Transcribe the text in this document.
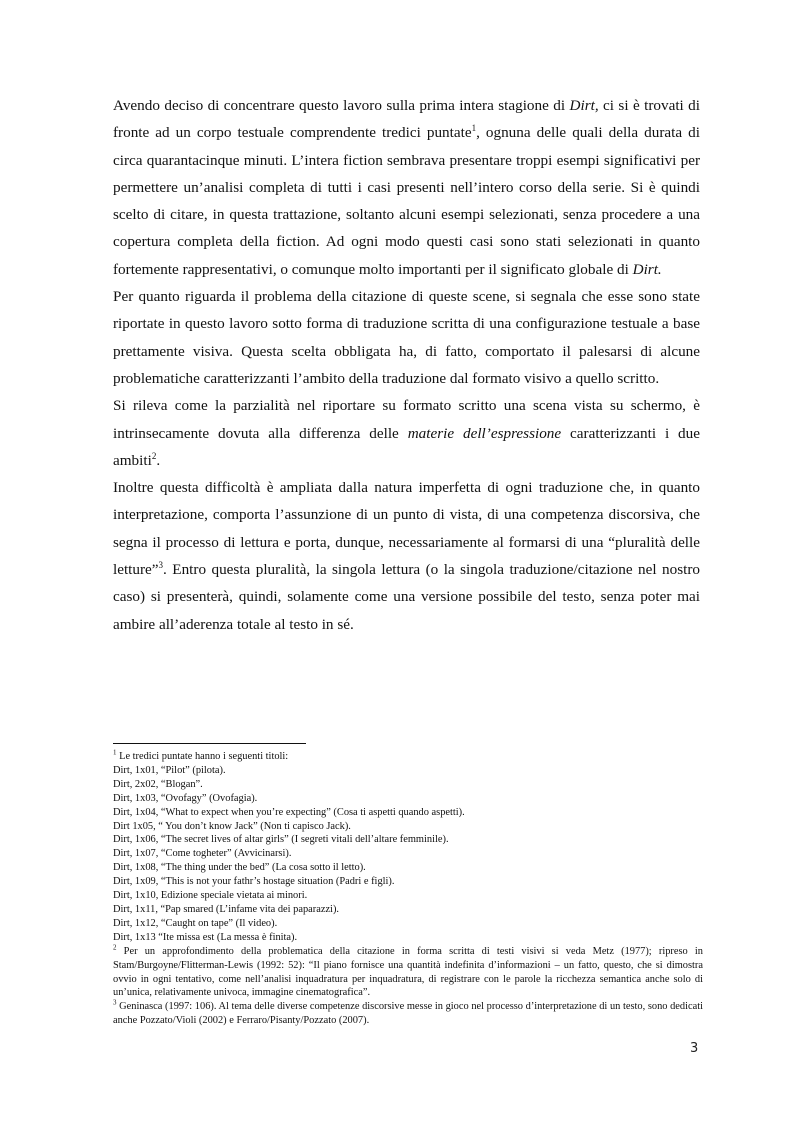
Avendo deciso di concentrare questo lavoro sulla prima intera stagione di Dirt, ci si è trovati di fronte ad un corpo testuale comprendente tredici puntate$^1$, ognuna delle quali della durata di circa quarantacinque minuti. L’intera fiction sembrava presentare troppi esempi significativi per permettere un’analisi completa di tutti i casi presenti nell’intero corso della serie. Si è quindi scelto di citare, in questa trattazione, soltanto alcuni esempi selezionati, senza procedere a una copertura completa della fiction. Ad ogni modo questi casi sono stati selezionati in quanto fortemente rappresentativi, o comunque molto importanti per il significato globale di Dirt.

Per quanto riguarda il problema della citazione di queste scene, si segnala che esse sono state riportate in questo lavoro sotto forma di traduzione scritta di una configurazione testuale a base prettamente visiva. Questa scelta obbligata ha, di fatto, comportato il palesarsi di alcune problematiche caratterizzanti l’ambito della traduzione dal formato visivo a quello scritto.

Si rileva come la parzialità nel riportare su formato scritto una scena vista su schermo, è intrinsecamente dovuta alla differenza delle materie dell’espressione caratterizzanti i due ambiti$^2$.

Inoltre questa difficoltà è ampliata dalla natura imperfetta di ogni traduzione che, in quanto interpretazione, comporta l’assunzione di un punto di vista, di una competenza discorsiva, che segna il processo di lettura e porta, dunque, necessariamente al formarsi di una “pluralità delle letture”$^3$. Entro questa pluralità, la singola lettura (o la singola traduzione/citazione nel nostro caso) si presenterà, quindi, solamente come una versione possibile del testo, senza poter mai ambire all’aderenza totale al testo in sé.

$^1$ Le tredici puntate hanno i seguenti titoli:
Dirt, 1x01, “Pilot” (pilota).
Dirt, 2x02, “Blogan”.
Dirt, 1x03, “Ovofagy” (Ovofagia).
Dirt, 1x04, “What to expect when you’re expecting” (Cosa ti aspetti quando aspetti).
Dirt 1x05, “ You don’t know Jack” (Non ti capisco Jack).
Dirt, 1x06, “The secret lives of altar girls” (I segreti vitali dell’altare femminile).
Dirt, 1x07, “Come togheter” (Avvicinarsi).
Dirt, 1x08, “The thing under the bed” (La cosa sotto il letto).
Dirt, 1x09, “This is not your fathr’s hostage situation (Padri e figli).
Dirt, 1x10, Edizione speciale vietata ai minori.
Dirt, 1x11, “Pap smared (L’infame vita dei paparazzi).
Dirt, 1x12, “Caught on tape” (Il video).
Dirt, 1x13 “Ite missa est (La messa è finita).
$^2$ Per un approfondimento della problematica della citazione in forma scritta di testi visivi si veda Metz (1977); ripreso in Stam/Burgoyne/Flitterman-Lewis (1992: 52): “Il piano fornisce una quantità indefinita d’informazioni – un fatto, questo, che si dimostra ovvio in ogni tentativo, come nell’analisi inquadratura per inquadratura, di registrare con le parole la ricchezza semantica anche solo di un’unica, relativamente univoca, immagine cinematografica”.
$^3$ Geninasca (1997: 106). Al tema delle diverse competenze discorsive messe in gioco nel processo d’interpretazione di un testo, sono dedicati anche Pozzato/Violi (2002) e Ferraro/Pisanty/Pozzato (2007).
3
